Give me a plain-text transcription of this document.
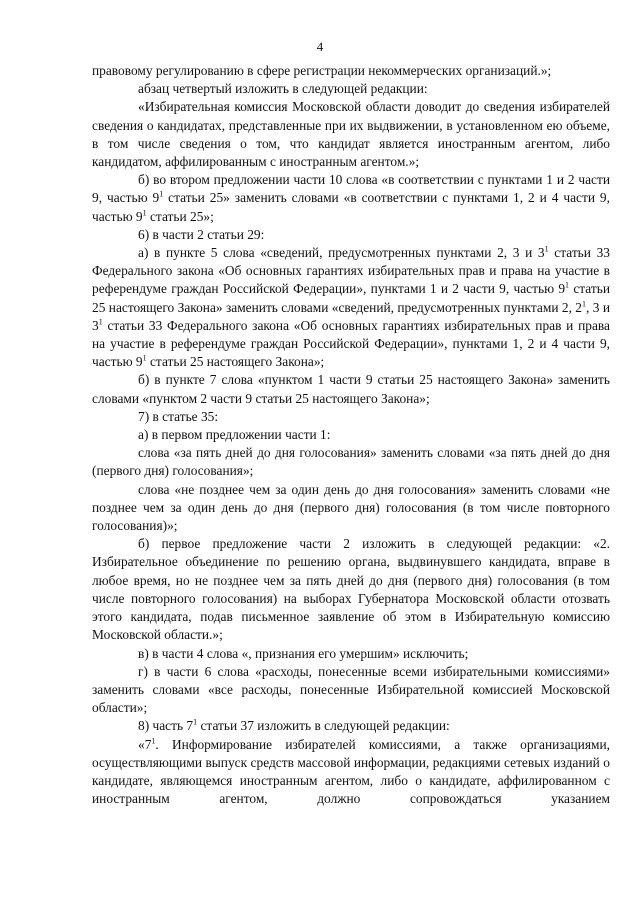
4

правовому регулированию в сфере регистрации некоммерческих организаций.»;

абзац четвертый изложить в следующей редакции:

«Избирательная комиссия Московской области доводит до сведения избирателей сведения о кандидатах, представленные при их выдвижении, в установленном ею объеме, в том числе сведения о том, что кандидат является иностранным агентом, либо кандидатом, аффилированным с иностранным агентом.»;

б) во втором предложении части 10 слова «в соответствии с пунктами 1 и 2 части 9, частью $9^1$ статьи 25» заменить словами «в соответствии с пунктами 1, 2 и 4 части 9, частью $9^1$ статьи 25»;

6) в части 2 статьи 29:

а) в пункте 5 слова «сведений, предусмотренных пунктами 2, 3 и $3^1$ статьи 33 Федерального закона «Об основных гарантиях избирательных прав и права на участие в референдуме граждан Российской Федерации», пунктами 1 и 2 части 9, частью $9^1$ статьи 25 настоящего Закона» заменить словами «сведений, предусмотренных пунктами 2, $2^1$, 3 и $3^1$ статьи 33 Федерального закона «Об основных гарантиях избирательных прав и права на участие в референдуме граждан Российской Федерации», пунктами 1, 2 и 4 части 9, частью $9^1$ статьи 25 настоящего Закона»;

б) в пункте 7 слова «пунктом 1 части 9 статьи 25 настоящего Закона» заменить словами «пунктом 2 части 9 статьи 25 настоящего Закона»;

7) в статье 35:

а) в первом предложении части 1:

слова «за пять дней до дня голосования» заменить словами «за пять дней до дня (первого дня) голосования»;

слова «не позднее чем за один день до дня голосования» заменить словами «не позднее чем за один день до дня (первого дня) голосования (в том числе повторного голосования)»;

б) первое предложение части 2 изложить в следующей редакции: «2. Избирательное объединение по решению органа, выдвинувшего кандидата, вправе в любое время, но не позднее чем за пять дней до дня (первого дня) голосования (в том числе повторного голосования) на выборах Губернатора Московской области отозвать этого кандидата, подав письменное заявление об этом в Избирательную комиссию Московской области.»;

в) в части 4 слова «, признания его умершим» исключить;

г) в части 6 слова «расходы, понесенные всеми избирательными комиссиями» заменить словами «все расходы, понесенные Избирательной комиссией Московской области»;

8) часть $7^1$ статьи 37 изложить в следующей редакции:

«$7^1$. Информирование избирателей комиссиями, а также организациями, осуществляющими выпуск средств массовой информации, редакциями сетевых изданий о кандидате, являющемся иностранным агентом, либо о кандидате, аффилированном с иностранным агентом, должно сопровождаться указанием
